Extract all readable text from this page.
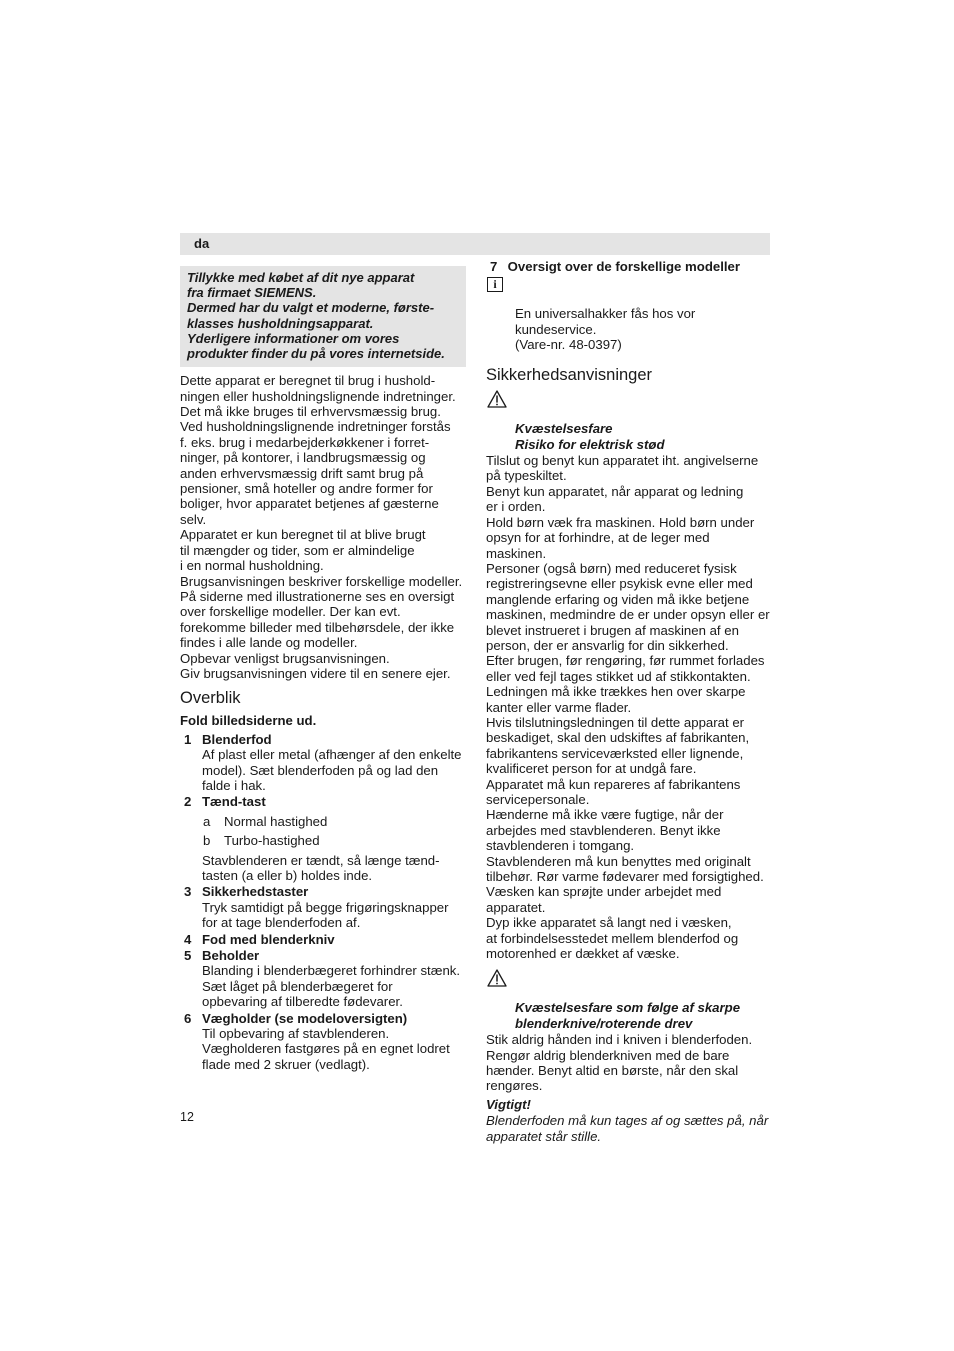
da
Tillykke med købet af dit nye apparat
fra firmaet SIEMENS.
Dermed har du valgt et moderne, første-
klasses husholdningsapparat.
Yderligere informationer om vores
produkter finder du på vores internetside.
Dette apparat er beregnet til brug i hushold-
ningen eller husholdningslignende indretninger.
Det må ikke bruges til erhvervsmæssig brug.
Ved husholdningslignende indretninger forstås
f. eks. brug i medarbejderkøkkener i forret-
ninger, på kontorer, i landbrugsmæssig og
anden erhvervsmæssig drift samt brug på
pensioner, små hoteller og andre former for
boliger, hvor apparatet betjenes af gæsterne
selv.
Apparatet er kun beregnet til at blive brugt
til mængder og tider, som er almindelige
i en normal husholdning.
Brugsanvisningen beskriver forskellige modeller.
På siderne med illustrationerne ses en oversigt
over forskellige modeller. Der kan evt.
forekomme billeder med tilbehørsdele, der ikke
findes i alle lande og modeller.
Opbevar venligst brugsanvisningen.
Giv brugsanvisningen videre til en senere ejer.
Overblik
Fold billedsiderne ud.
1 Blenderfod
Af plast eller metal (afhænger af den enkelte
model). Sæt blenderfoden på og lad den
falde i hak.
2 Tænd-tast
a Normal hastighed
b Turbo-hastighed
Stavblenderen er tændt, så længe tænd-
tasten (a eller b) holdes inde.
3 Sikkerhedstaster
Tryk samtidigt på begge frigøringsknapper
for at tage blenderfoden af.
4 Fod med blenderkniv
5 Beholder
Blanding i blenderbægeret forhindrer stænk.
Sæt låget på blenderbægeret for
opbevaring af tilberedte fødevarer.
6 Vægholder (se modeloversigten)
Til opbevaring af stavblenderen.
Vægholderen fastgøres på en egnet lodret
flade med 2 skruer (vedlagt).
7 Oversigt over de forskellige modeller

i

En universalhakker fås hos vor
kundeservice.
(Vare-nr. 48-0397)

Sikkerhedsanvisninger

Kvæstelsesfare
Risiko for elektrisk stød

Tilslut og benyt kun apparatet iht. angivelserne
på typeskiltet.
Benyt kun apparatet, når apparat og ledning
er i orden.
Hold børn væk fra maskinen. Hold børn under
opsyn for at forhindre, at de leger med
maskinen.
Personer (også børn) med reduceret fysisk
registreringsevne eller psykisk evne eller med
manglende erfaring og viden må ikke betjene
maskinen, medmindre de er under opsyn eller er
blevet instrueret i brugen af maskinen af en
person, der er ansvarlig for din sikkerhed.
Efter brugen, før rengøring, før rummet forlades
eller ved fejl tages stikket ud af stikkontakten.
Ledningen må ikke trækkes hen over skarpe
kanter eller varme flader.
Hvis tilslutningsledningen til dette apparat er
beskadiget, skal den udskiftes af fabrikanten,
fabrikantens serviceværksted eller lignende,
kvalificeret person for at undgå fare.
Apparatet må kun repareres af fabrikantens
servicepersonale.
Hænderne må ikke være fugtige, når der
arbejdes med stavblenderen. Benyt ikke
stavblenderen i tomgang.
Stavblenderen må kun benyttes med originalt
tilbehør. Rør varme fødevarer med forsigtighed.
Væsken kan sprøjte under arbejdet med
apparatet.
Dyp ikke apparatet så langt ned i væsken,
at forbindelsesstedet mellem blenderfod og
motorenhed er dækket af væske.

Kvæstelsesfare som følge af skarpe
blenderknive/roterende drev

Stik aldrig hånden ind i kniven i blenderfoden.
Rengør aldrig blenderkniven med de bare
hænder. Benyt altid en børste, når den skal
rengøres.
Vigtigt!
Blenderfoden må kun tages af og sættes på, når
apparatet står stille.
12
